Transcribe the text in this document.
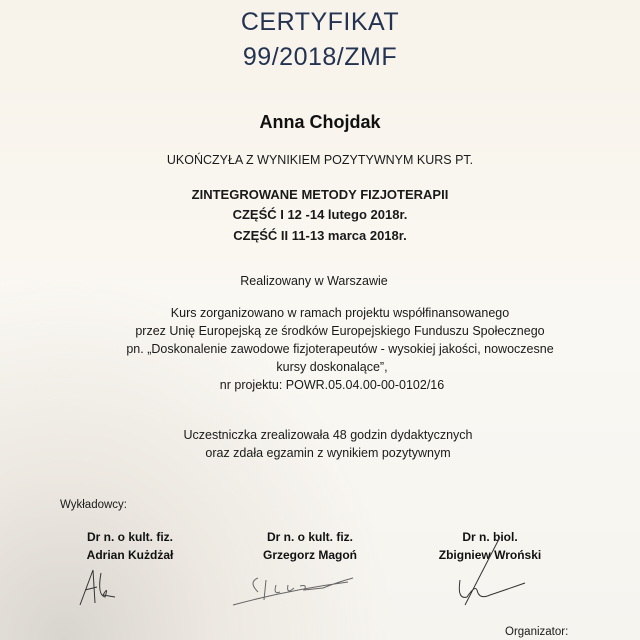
CERTYFIKAT
99/2018/ZMF
Anna Chojdak
UKOŃCZYŁA Z WYNIKIEM POZYTYWNYM KURS PT.
ZINTEGROWANE METODY FIZJOTERAPII
CZĘŚĆ I 12 -14 lutego 2018r.
CZĘŚĆ II 11-13 marca 2018r.
Realizowany w Warszawie
Kurs zorganizowano w ramach projektu współfinansowanego
przez Unię Europejską ze środków Europejskiego Funduszu Społecznego
pn. „Doskonalenie zawodowe fizjoterapeutów - wysokiej jakości, nowoczesne
kursy doskonalące”,
nr projektu: POWR.05.04.00-00-0102/16
Uczestniczka zrealizowała 48 godzin dydaktycznych
oraz zdała egzamin z wynikiem pozytywnym
Wykładowcy:
Dr n. o kult. fiz.
Adrian Kużdżał
Dr n. o kult. fiz.
Grzegorz Magoń
Dr n. biol.
Zbigniew Wroński
Organizator:
